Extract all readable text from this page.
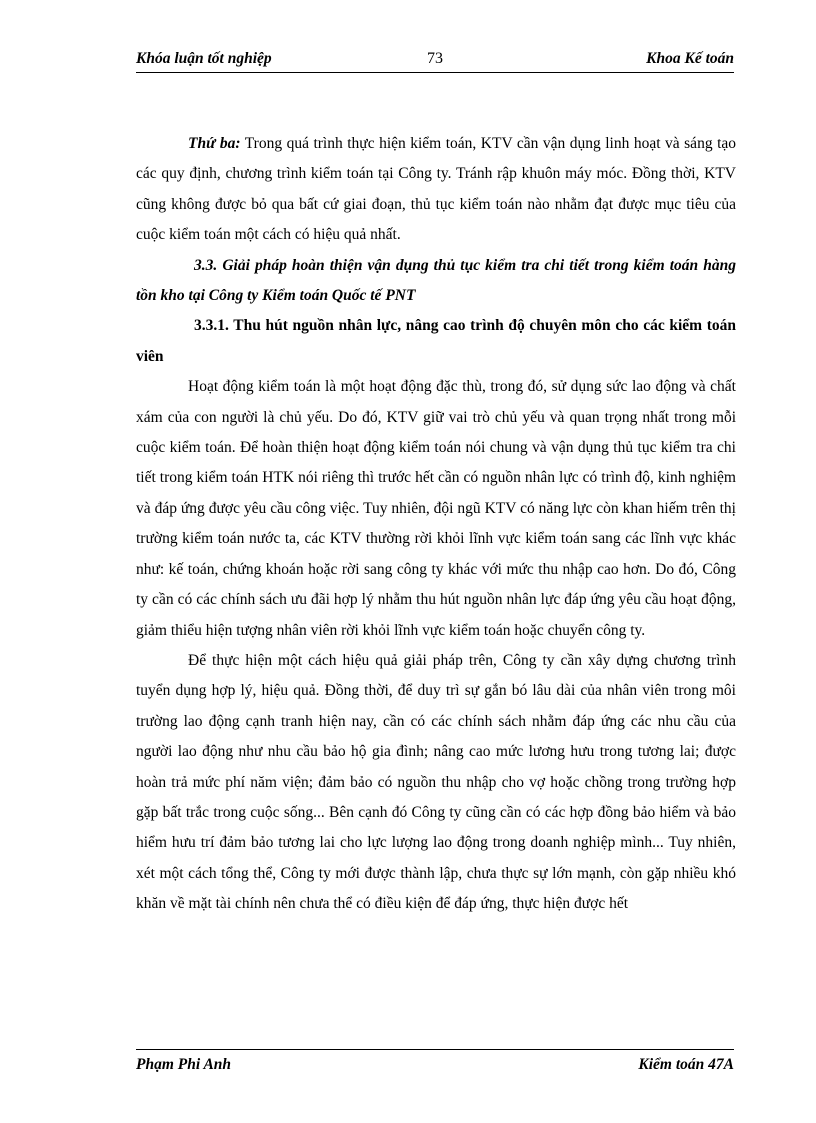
Khóa luận tốt nghiệp	73	Khoa Kế toán

Thứ ba: Trong quá trình thực hiện kiểm toán, KTV cần vận dụng linh hoạt và sáng tạo các quy định, chương trình kiểm toán tại Công ty. Tránh rập khuôn máy móc. Đồng thời, KTV cũng không được bỏ qua bất cứ giai đoạn, thủ tục kiểm toán nào nhằm đạt được mục tiêu của cuộc kiểm toán một cách có hiệu quả nhất.

3.3. Giải pháp hoàn thiện vận dụng thủ tục kiểm tra chi tiết trong kiểm toán hàng tồn kho tại Công ty Kiểm toán Quốc tế PNT

3.3.1. Thu hút nguồn nhân lực, nâng cao trình độ chuyên môn cho các kiểm toán viên

Hoạt động kiểm toán là một hoạt động đặc thù, trong đó, sử dụng sức lao động và chất xám của con người là chủ yếu. Do đó, KTV giữ vai trò chủ yếu và quan trọng nhất trong mỗi cuộc kiểm toán. Để hoàn thiện hoạt động kiểm toán nói chung và vận dụng thủ tục kiểm tra chi tiết trong kiểm toán HTK nói riêng thì trước hết cần có nguồn nhân lực có trình độ, kinh nghiệm và đáp ứng được yêu cầu công việc. Tuy nhiên, đội ngũ KTV có năng lực còn khan hiếm trên thị trường kiểm toán nước ta, các KTV thường rời khỏi lĩnh vực kiểm toán sang các lĩnh vực khác như: kế toán, chứng khoán hoặc rời sang công ty khác với mức thu nhập cao hơn. Do đó, Công ty cần có các chính sách ưu đãi hợp lý nhằm thu hút nguồn nhân lực đáp ứng yêu cầu hoạt động, giảm thiểu hiện tượng nhân viên rời khỏi lĩnh vực kiểm toán hoặc chuyển công ty.

Để thực hiện một cách hiệu quả giải pháp trên, Công ty cần xây dựng chương trình tuyển dụng hợp lý, hiệu quả. Đồng thời, để duy trì sự gắn bó lâu dài của nhân viên trong môi trường lao động cạnh tranh hiện nay, cần có các chính sách nhằm đáp ứng các nhu cầu của người lao động như nhu cầu bảo hộ gia đình; nâng cao mức lương hưu trong tương lai; được hoàn trả mức phí năm viện; đảm bảo có nguồn thu nhập cho vợ hoặc chồng trong trường hợp gặp bất trắc trong cuộc sống... Bên cạnh đó Công ty cũng cần có các hợp đồng bảo hiểm và bảo hiểm hưu trí đảm bảo tương lai cho lực lượng lao động trong doanh nghiệp mình... Tuy nhiên, xét một cách tổng thể, Công ty mới được thành lập, chưa thực sự lớn mạnh, còn gặp nhiều khó khăn về mặt tài chính nên chưa thể có điều kiện để đáp ứng, thực hiện được hết

Phạm Phi Anh	Kiểm toán 47A
